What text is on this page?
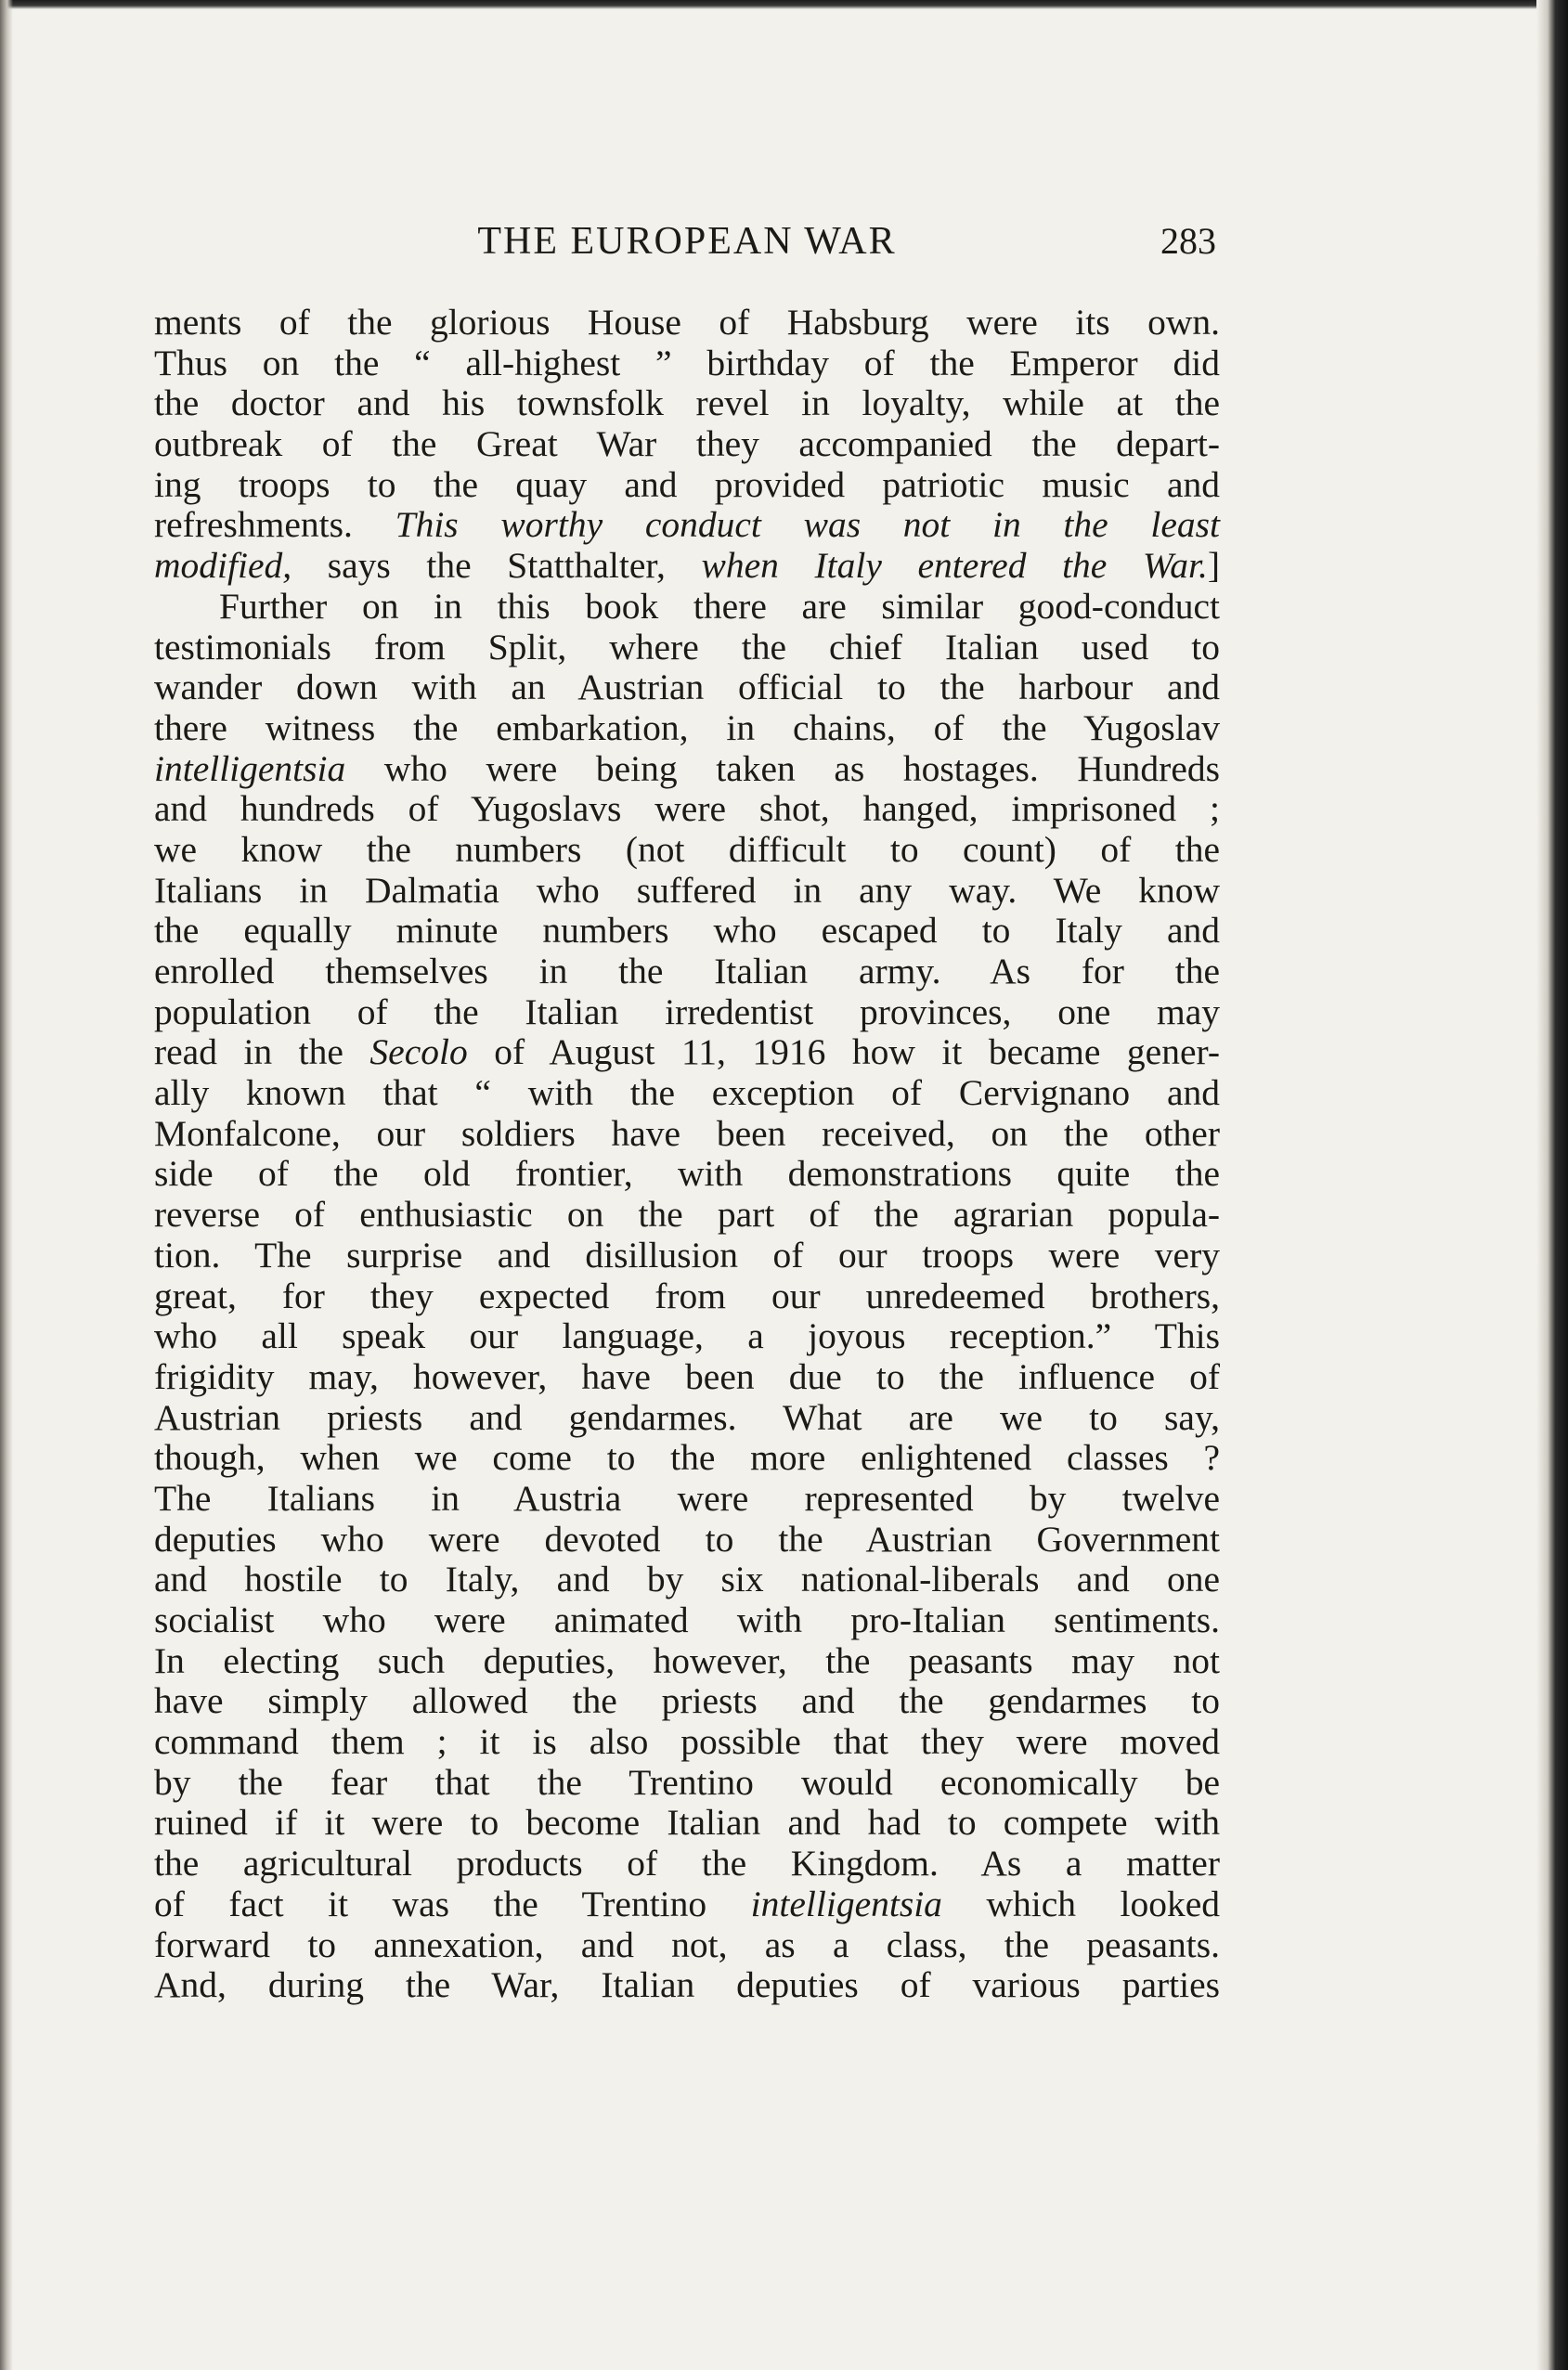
THE EUROPEAN WAR	283
ments of the glorious House of Habsburg were its own.
Thus on the “ all-highest ” birthday of the Emperor did
the doctor and his townsfolk revel in loyalty, while at the
outbreak of the Great War they accompanied the depart-
ing troops to the quay and provided patriotic music and
refreshments. This worthy conduct was not in the least
modified, says the Statthalter, when Italy entered the War.]
Further on in this book there are similar good-conduct
testimonials from Split, where the chief Italian used to
wander down with an Austrian official to the harbour and
there witness the embarkation, in chains, of the Yugoslav
intelligentsia who were being taken as hostages. Hundreds
and hundreds of Yugoslavs were shot, hanged, imprisoned ;
we know the numbers (not difficult to count) of the
Italians in Dalmatia who suffered in any way. We know
the equally minute numbers who escaped to Italy and
enrolled themselves in the Italian army. As for the
population of the Italian irredentist provinces, one may
read in the Secolo of August 11, 1916 how it became gener-
ally known that “ with the exception of Cervignano and
Monfalcone, our soldiers have been received, on the other
side of the old frontier, with demonstrations quite the
reverse of enthusiastic on the part of the agrarian popula-
tion. The surprise and disillusion of our troops were very
great, for they expected from our unredeemed brothers,
who all speak our language, a joyous reception.” This
frigidity may, however, have been due to the influence of
Austrian priests and gendarmes. What are we to say,
though, when we come to the more enlightened classes ?
The Italians in Austria were represented by twelve
deputies who were devoted to the Austrian Government
and hostile to Italy, and by six national-liberals and one
socialist who were animated with pro-Italian sentiments.
In electing such deputies, however, the peasants may not
have simply allowed the priests and the gendarmes to
command them ; it is also possible that they were moved
by the fear that the Trentino would economically be
ruined if it were to become Italian and had to compete with
the agricultural products of the Kingdom. As a matter
of fact it was the Trentino intelligentsia which looked
forward to annexation, and not, as a class, the peasants.
And, during the War, Italian deputies of various parties
